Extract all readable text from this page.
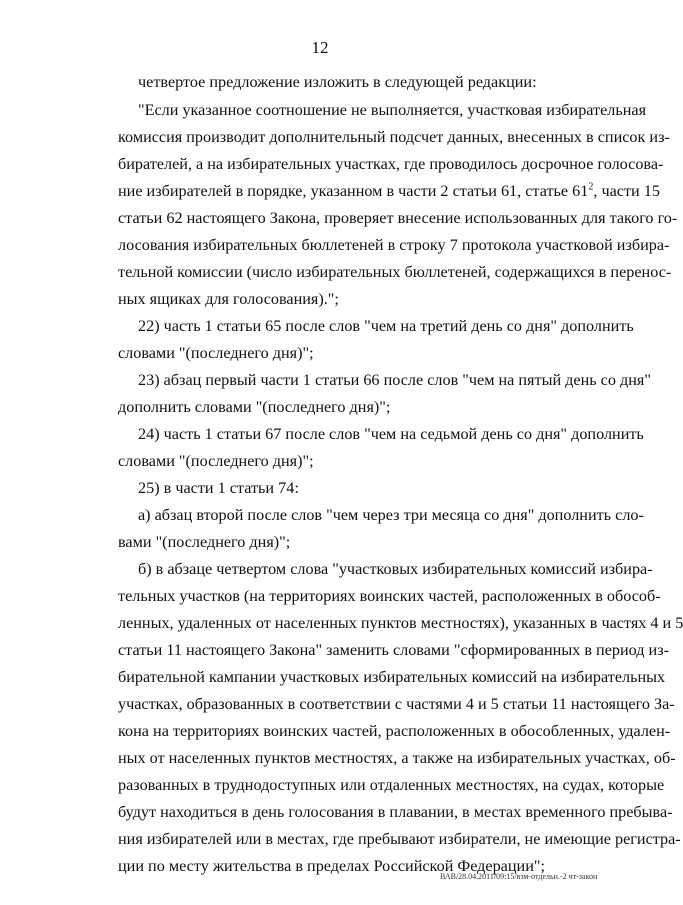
12
четвертое предложение изложить в следующей редакции:
"Если указанное соотношение не выполняется, участковая избирательная
комиссия производит дополнительный подсчет данных, внесенных в список из-
бирателей, а на избирательных участках, где проводилось досрочное голосова-
ние избирателей в порядке, указанном в части 2 статьи 61, статье $61^2$ , части 15
статьи 62 настоящего Закона, проверяет внесение использованных для такого го-
лосования избирательных бюллетеней в строку 7 протокола участковой избира-
тельной комиссии (число избирательных бюллетеней, содержащихся в перенос-
ных ящиках для голосования).";
22) часть 1 статьи 65 после слов "чем на третий день со дня" дополнить
словами "(последнего дня)";
23) абзац первый части 1 статьи 66 после слов "чем на пятый день со дня"
дополнить словами "(последнего дня)";
24) часть 1 статьи 67 после слов "чем на седьмой день со дня" дополнить
словами "(последнего дня)";
25) в части 1 статьи 74:
а) абзац второй после слов "чем через три месяца со дня" дополнить сло-
вами "(последнего дня)";
б) в абзаце четвертом слова "участковых избирательных комиссий избира-
тельных участков (на территориях воинских частей, расположенных в обособ-
ленных, удаленных от населенных пунктов местностях), указанных в частях 4 и 5
статьи 11 настоящего Закона" заменить словами "сформированных в период из-
бирательной кампании участковых избирательных комиссий на избирательных
участках, образованных в соответствии с частями 4 и 5 статьи 11 настоящего За-
кона на территориях воинских частей, расположенных в обособленных, удален-
ных от населенных пунктов местностях, а также на избирательных участках, об-
разованных в труднодоступных или отдаленных местностях, на судах, которые
будут находиться в день голосования в плавании, в местах временного пребыва-
ния избирателей или в местах, где пребывают избиратели, не имеющие регистра-
ции по месту жительства в пределах Российской Федерации";
ВАВ/28.04.2011/09:15/взм-отдельн.-2 чт-закон
